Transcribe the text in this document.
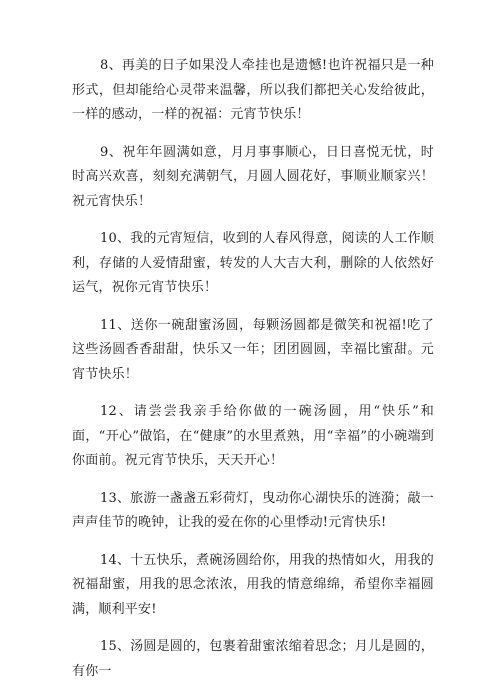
8、再美的日子如果没人牵挂也是遗憾!也许祝福只是一种形式，但却能给心灵带来温馨，所以我们都把关心发给彼此，一样的感动，一样的祝福：元宵节快乐！

9、祝年年圆满如意，月月事事顺心，日日喜悦无忧，时时高兴欢喜，刻刻充满朝气，月圆人圆花好，事顺业顺家兴！祝元宵快乐！

10、我的元宵短信，收到的人春风得意，阅读的人工作顺利，存储的人爱情甜蜜，转发的人大吉大利，删除的人依然好运气，祝你元宵节快乐！

11、送你一碗甜蜜汤圆，每颗汤圆都是微笑和祝福!吃了这些汤圆香香甜甜，快乐又一年；团团圆圆，幸福比蜜甜。元宵节快乐！

12、请尝尝我亲手给你做的一碗汤圆，用“快乐”和面，“开心”做馅，在“健康”的水里煮熟，用“幸福”的小碗端到你面前。祝元宵节快乐，天天开心！

13、旅游一盏盏五彩荷灯，曳动你心湖快乐的涟漪；敲一声声佳节的晚钟，让我的爱在你的心里悸动!元宵快乐!

14、十五快乐，煮碗汤圆给你，用我的热情如火，用我的祝福甜蜜，用我的思念浓浓，用我的情意绵绵，希望你幸福圆满，顺利平安!

15、汤圆是圆的，包裹着甜蜜浓缩着思念；月儿是圆的，有你一
